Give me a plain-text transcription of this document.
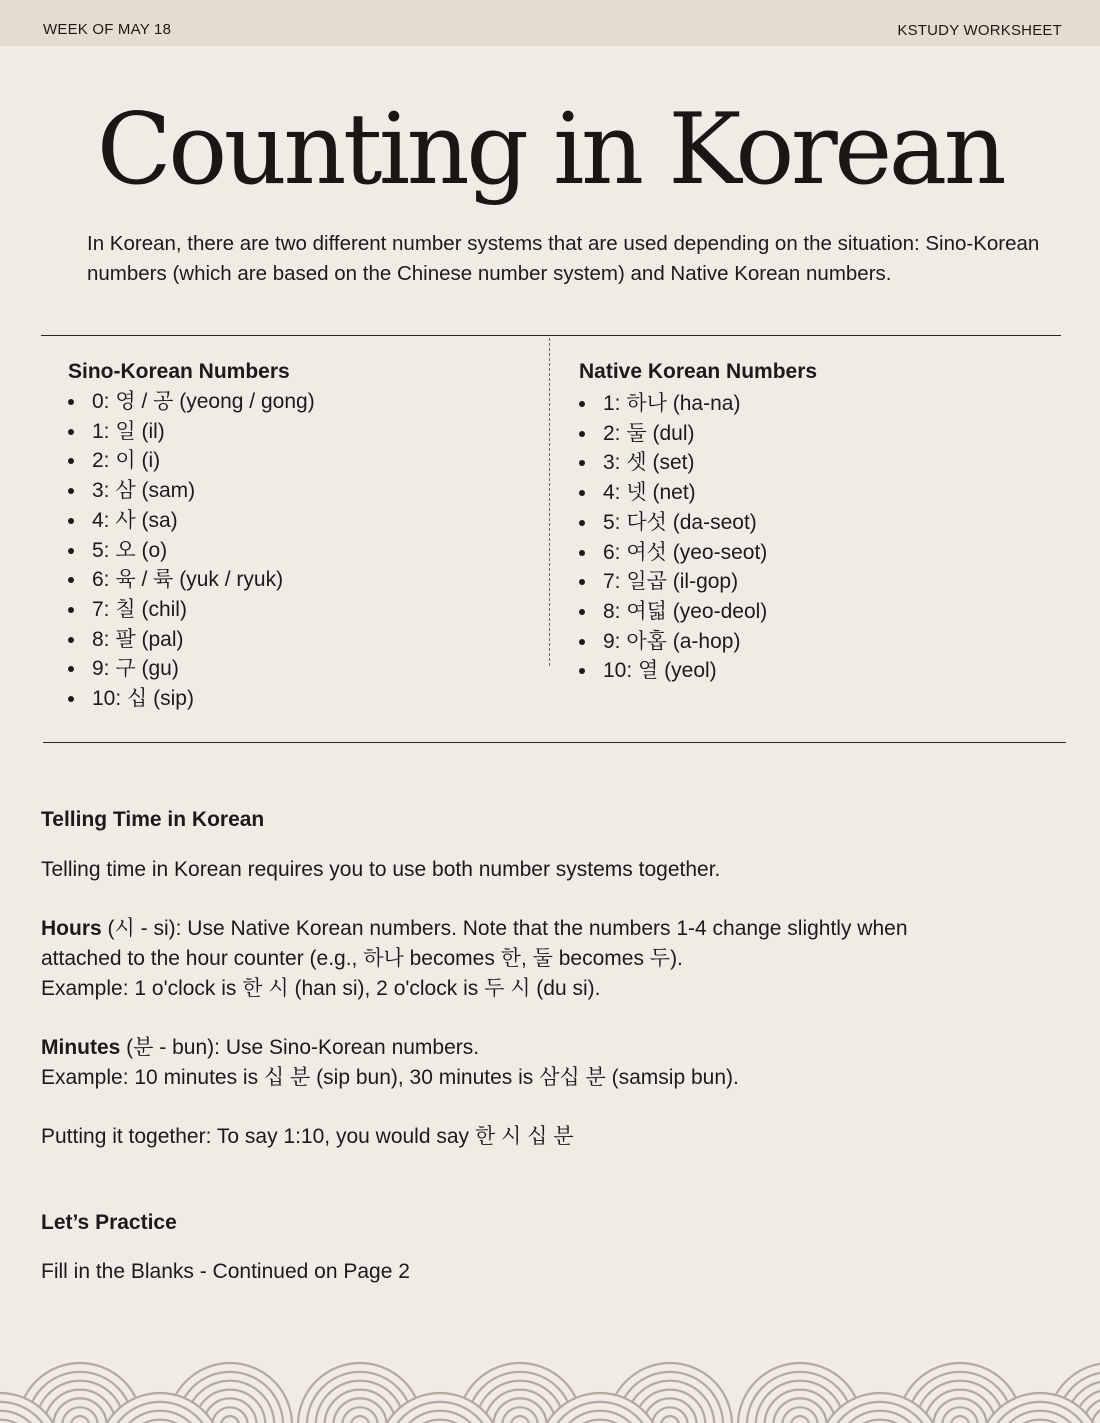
WEEK OF MAY 18	KSTUDY WORKSHEET
Counting in Korean
In Korean, there are two different number systems that are used depending on the situation: Sino-Korean numbers (which are based on the Chinese number system) and Native Korean numbers.
Sino-Korean Numbers
0: 영 / 공 (yeong / gong)
1: 일 (il)
2: 이 (i)
3: 삼 (sam)
4: 사 (sa)
5: 오 (o)
6: 육 / 륙 (yuk / ryuk)
7: 칠 (chil)
8: 팔 (pal)
9: 구 (gu)
10: 십 (sip)
Native Korean Numbers
1: 하나 (ha-na)
2: 둘 (dul)
3: 셋 (set)
4: 넷 (net)
5: 다섯 (da-seot)
6: 여섯 (yeo-seot)
7: 일곱 (il-gop)
8: 여덟 (yeo-deol)
9: 아홉 (a-hop)
10: 열 (yeol)
Telling Time in Korean
Telling time in Korean requires you to use both number systems together.
Hours (시 - si): Use Native Korean numbers. Note that the numbers 1-4 change slightly when
attached to the hour counter (e.g., 하나 becomes 한, 둘 becomes 두).
Example: 1 o'clock is 한 시 (han si), 2 o'clock is 두 시 (du si).
Minutes (분 - bun): Use Sino-Korean numbers.
Example: 10 minutes is 십 분 (sip bun), 30 minutes is 삼십 분 (samsip bun).
Putting it together: To say 1:10, you would say 한 시 십 분
Let’s Practice
Fill in the Blanks - Continued on Page 2
